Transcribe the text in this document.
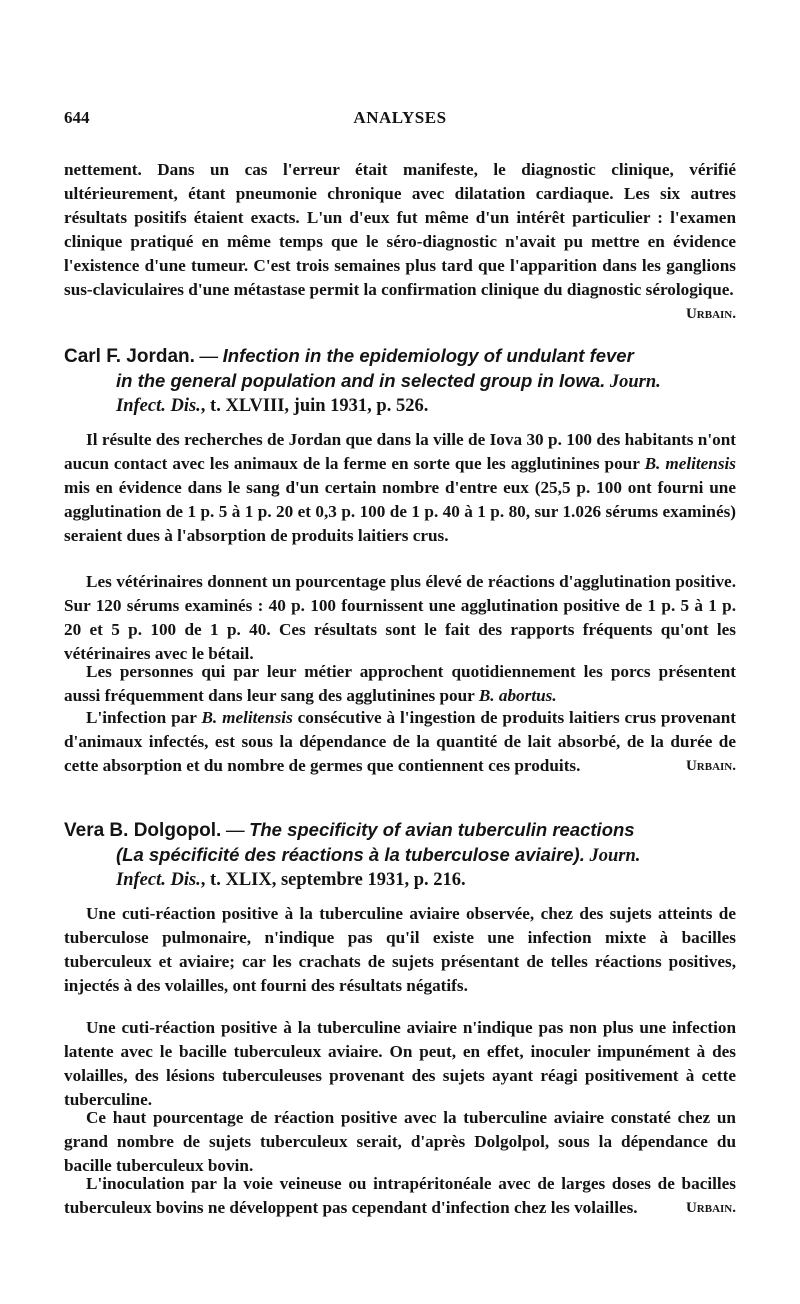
644	ANALYSES
nettement. Dans un cas l'erreur était manifeste, le diagnostic clinique, vérifié ultérieurement, étant pneumonie chronique avec dilatation cardiaque. Les six autres résultats positifs étaient exacts. L'un d'eux fut même d'un intérêt particulier : l'examen clinique pratiqué en même temps que le séro-diagnostic n'avait pu mettre en évidence l'existence d'une tumeur. C'est trois semaines plus tard que l'apparition dans les ganglions sus-claviculaires d'une métastase permit la confirmation clinique du diagnostic sérologique.
Urbain.
Carl F. Jordan. — Infection in the epidemiology of undulant fever
in the general population and in selected group in Iowa. Journ.
Infect. Dis., t. XLVIII, juin 1931, p. 526.
Il résulte des recherches de Jordan que dans la ville de Iova 30 p. 100 des habitants n'ont aucun contact avec les animaux de la ferme en sorte que les agglutinines pour B. melitensis mis en évidence dans le sang d'un certain nombre d'entre eux (25,5 p. 100 ont fourni une agglutination de 1 p. 5 à 1 p. 20 et 0,3 p. 100 de 1 p. 40 à 1 p. 80, sur 1.026 sérums examinés) seraient dues à l'absorption de produits laitiers crus.
Les vétérinaires donnent un pourcentage plus élevé de réactions d'agglutination positive. Sur 120 sérums examinés : 40 p. 100 fournissent une agglutination positive de 1 p. 5 à 1 p. 20 et 5 p. 100 de 1 p. 40. Ces résultats sont le fait des rapports fréquents qu'ont les vétérinaires avec le bétail.
Les personnes qui par leur métier approchent quotidiennement les porcs présentent aussi fréquemment dans leur sang des agglutinines pour B. abortus.
L'infection par B. melitensis consécutive à l'ingestion de produits laitiers crus provenant d'animaux infectés, est sous la dépendance de la quantité de lait absorbé, de la durée de cette absorption et du nombre de germes que contiennent ces produits.	Urbain.
Vera B. Dolgopol. — The specificity of avian tuberculin reactions
(La spécificité des réactions à la tuberculose aviaire). Journ.
Infect. Dis., t. XLIX, septembre 1931, p. 216.
Une cuti-réaction positive à la tuberculine aviaire observée, chez des sujets atteints de tuberculose pulmonaire, n'indique pas qu'il existe une infection mixte à bacilles tuberculeux et aviaire; car les crachats de sujets présentant de telles réactions positives, injectés à des volailles, ont fourni des résultats négatifs.
Une cuti-réaction positive à la tuberculine aviaire n'indique pas non plus une infection latente avec le bacille tuberculeux aviaire. On peut, en effet, inoculer impunément à des volailles, des lésions tuberculeuses provenant des sujets ayant réagi positivement à cette tuberculine.
Ce haut pourcentage de réaction positive avec la tuberculine aviaire constaté chez un grand nombre de sujets tuberculeux serait, d'après Dolgolpol, sous la dépendance du bacille tuberculeux bovin.
L'inoculation par la voie veineuse ou intrapéritonéale avec de larges doses de bacilles tuberculeux bovins ne développent pas cependant d'infection chez les volailles.	Urbain.
